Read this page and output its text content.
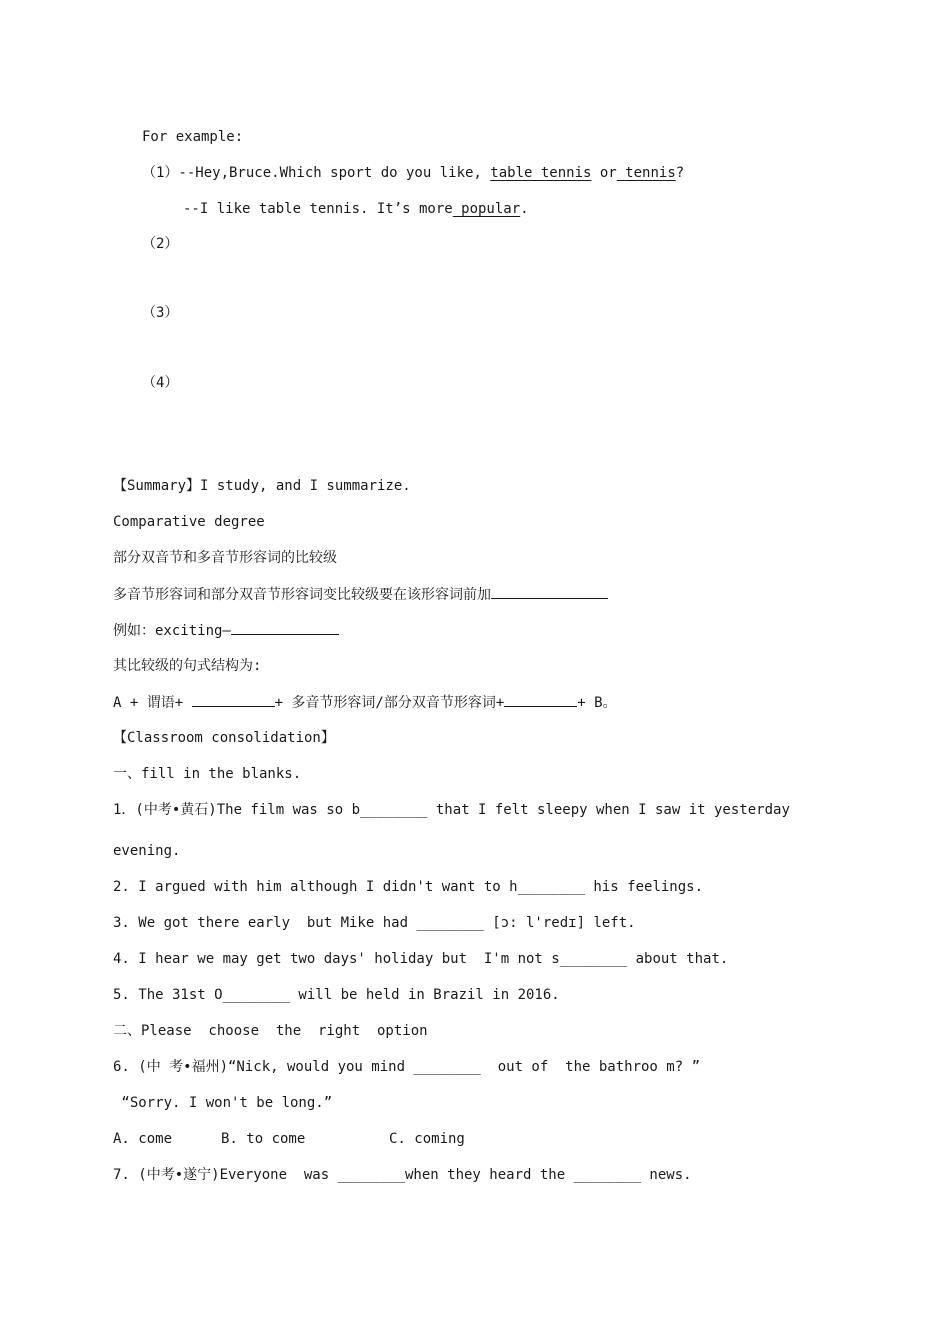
For example:
（1）--Hey,Bruce.Which sport do you like, table tennis or tennis?
--I like table tennis. It’s more popular.
（2）
（3）
（4）
【Summary】I study, and I summarize.
Comparative degree
部分双音节和多音节形容词的比较级
多音节形容词和部分双音节形容词变比较级要在该形容词前加
例如：exciting—
其比较级的句式结构为:
A + 谓语+	+ 多音节形容词/部分双音节形容词+	+ B。
【Classroom consolidation】
一、fill in the blanks.
1．(中考•黄石)The film was so b________ that I felt sleepy when I saw it yesterday
evening.
2. I argued with him although I didn't want to h________ his feelings.
3. We got there early  but Mike had ________ [ɔ: l'redɪ] left.
4. I hear we may get two days' holiday but  I'm not s________ about that.
5. The 31st O________ will be held in Brazil in 2016.
二、Please  choose  the  right  option
6. (中 考•福州)“Nick, would you mind ________  out of  the bathroo m? ”
“Sorry. I won't be long.”
A. come	B. to come	C. coming
7. (中考•遂宁)Everyone  was ________when they heard the ________ news.
